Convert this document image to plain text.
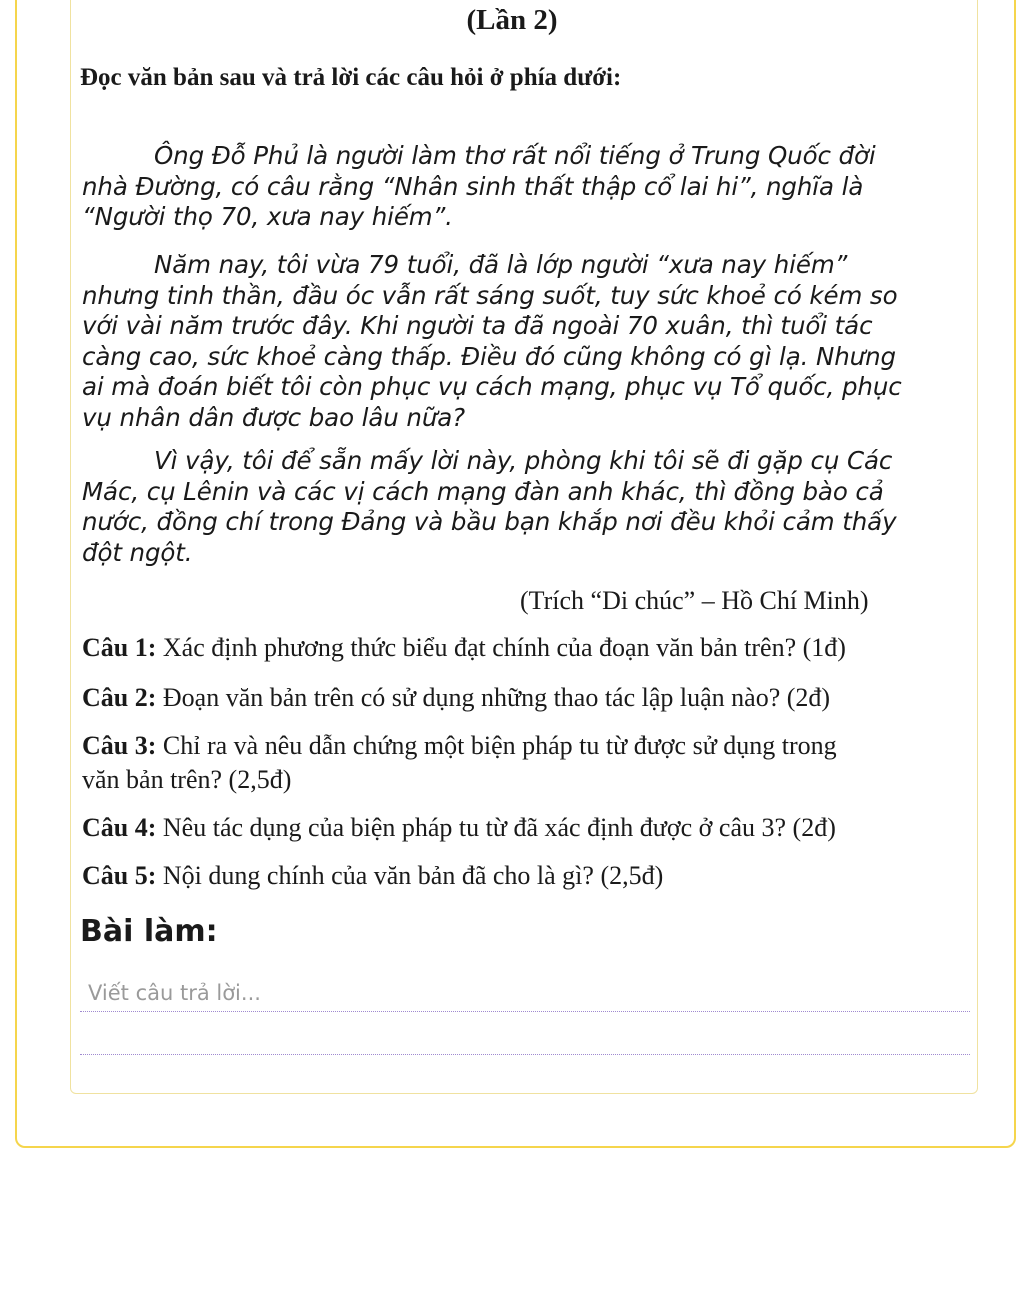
(Lần 2)
Đọc văn bản sau và trả lời các câu hỏi ở phía dưới:
Ông Đỗ Phủ là người làm thơ rất nổi tiếng ở Trung Quốc đời
nhà Đường, có câu rằng “Nhân sinh thất thập cổ lai hi”, nghĩa là
“Người thọ 70, xưa nay hiếm”.
Năm nay, tôi vừa 79 tuổi, đã là lớp người “xưa nay hiếm”
nhưng tinh thần, đầu óc vẫn rất sáng suốt, tuy sức khoẻ có kém so
với vài năm trước đây. Khi người ta đã ngoài 70 xuân, thì tuổi tác
càng cao, sức khoẻ càng thấp. Điều đó cũng không có gì lạ. Nhưng
ai mà đoán biết tôi còn phục vụ cách mạng, phục vụ Tổ quốc, phục
vụ nhân dân được bao lâu nữa?
Vì vậy, tôi để sẵn mấy lời này, phòng khi tôi sẽ đi gặp cụ Các
Mác, cụ Lênin và các vị cách mạng đàn anh khác, thì đồng bào cả
nước, đồng chí trong Đảng và bầu bạn khắp nơi đều khỏi cảm thấy
đột ngột.
(Trích “Di chúc” – Hồ Chí Minh)
Câu 1: Xác định phương thức biểu đạt chính của đoạn văn bản trên? (1đ)
Câu 2: Đoạn văn bản trên có sử dụng những thao tác lập luận nào? (2đ)
Câu 3: Chỉ ra và nêu dẫn chứng một biện pháp tu từ được sử dụng trong
văn bản trên? (2,5đ)
Câu 4: Nêu tác dụng của biện pháp tu từ đã xác định được ở câu 3? (2đ)
Câu 5: Nội dung chính của văn bản đã cho là gì? (2,5đ)
Bài làm:
Viết câu trả lời...
